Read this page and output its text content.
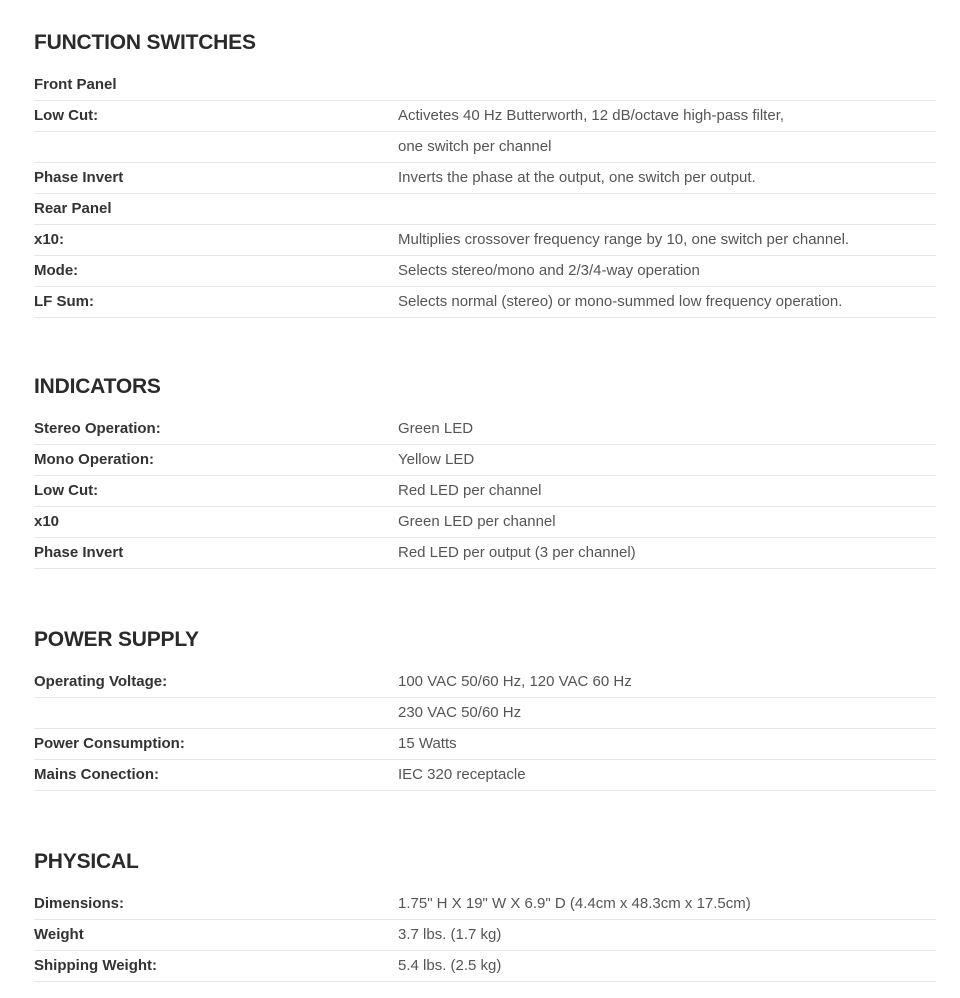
FUNCTION SWITCHES
Front Panel	
Low Cut:	Activetes 40 Hz Butterworth, 12 dB/octave high-pass filter,
	one switch per channel
Phase Invert	Inverts the phase at the output, one switch per output.
Rear Panel	
x10:	Multiplies crossover frequency range by 10, one switch per channel.
Mode:	Selects stereo/mono and 2/3/4-way operation
LF Sum:	Selects normal (stereo) or mono-summed low frequency operation.
INDICATORS
Stereo Operation:	Green LED
Mono Operation:	Yellow LED
Low Cut:	Red LED per channel
x10	Green LED per channel
Phase Invert	Red LED per output (3 per channel)
POWER SUPPLY
Operating Voltage:	100 VAC 50/60 Hz, 120 VAC 60 Hz
	230 VAC 50/60 Hz
Power Consumption:	15 Watts
Mains Conection:	IEC 320 receptacle
PHYSICAL
Dimensions:	1.75" H X 19" W X 6.9" D (4.4cm x 48.3cm x 17.5cm)
Weight	3.7 lbs. (1.7 kg)
Shipping Weight:	5.4 lbs. (2.5 kg)
